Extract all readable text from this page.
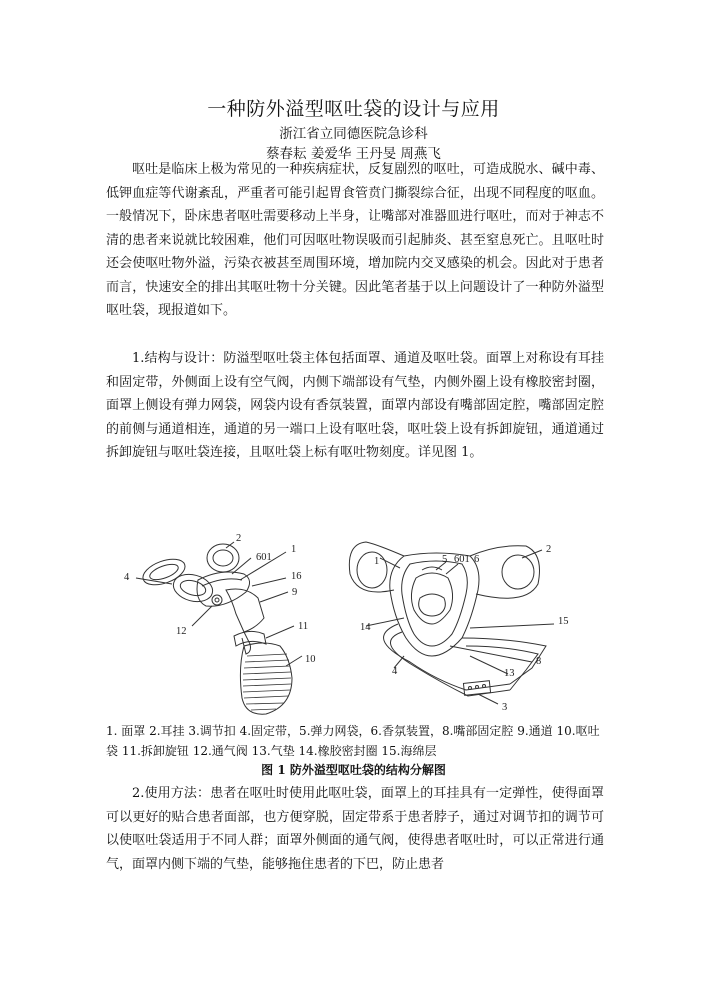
一种防外溢型呕吐袋的设计与应用
浙江省立同德医院急诊科
蔡春耘 姜爱华 王丹旻 周燕飞

呕吐是临床上极为常见的一种疾病症状，反复剧烈的呕吐，可造成脱水、碱中毒、低钾血症等代谢紊乱，严重者可能引起胃食管贲门撕裂综合征，出现不同程度的呕血。一般情况下，卧床患者呕吐需要移动上半身，让嘴部对准器皿进行呕吐，而对于神志不清的患者来说就比较困难，他们可因呕吐物误吸而引起肺炎、甚至窒息死亡。且呕吐时还会使呕吐物外溢，污染衣被甚至周围环境，增加院内交叉感染的机会。因此对于患者而言，快速安全的排出其呕吐物十分关键。因此笔者基于以上问题设计了一种防外溢型呕吐袋，现报道如下。

1.结构与设计：防溢型呕吐袋主体包括面罩、通道及呕吐袋。面罩上对称设有耳挂和固定带，外侧面上设有空气阀，内侧下端部设有气垫，内侧外圈上设有橡胶密封圈，面罩上侧设有弹力网袋，网袋内设有香氛装置，面罩内部设有嘴部固定腔，嘴部固定腔的前侧与通道相连，通道的另一端口上设有呕吐袋，呕吐袋上设有拆卸旋钮，通道通过拆卸旋钮与呕吐袋连接，且呕吐袋上标有呕吐物刻度。详见图 1。

2
601
1
4	16
9
12	11
10
1	5 601 6
2
14
15
8
4	13
3
1. 面罩 2.耳挂 3.调节扣 4.固定带，5.弹力网袋，6.香氛装置，8.嘴部固定腔 9.通道 10.呕吐袋 11.拆卸旋钮 12.通气阀 13.气垫 14.橡胶密封圈 15.海绵层
图 1 防外溢型呕吐袋的结构分解图

2.使用方法：患者在呕吐时使用此呕吐袋，面罩上的耳挂具有一定弹性，使得面罩可以更好的贴合患者面部，也方便穿脱，固定带系于患者脖子，通过对调节扣的调节可以使呕吐袋适用于不同人群；面罩外侧面的通气阀，使得患者呕吐时，可以正常进行通气，面罩内侧下端的气垫，能够拖住患者的下巴，防止患者
